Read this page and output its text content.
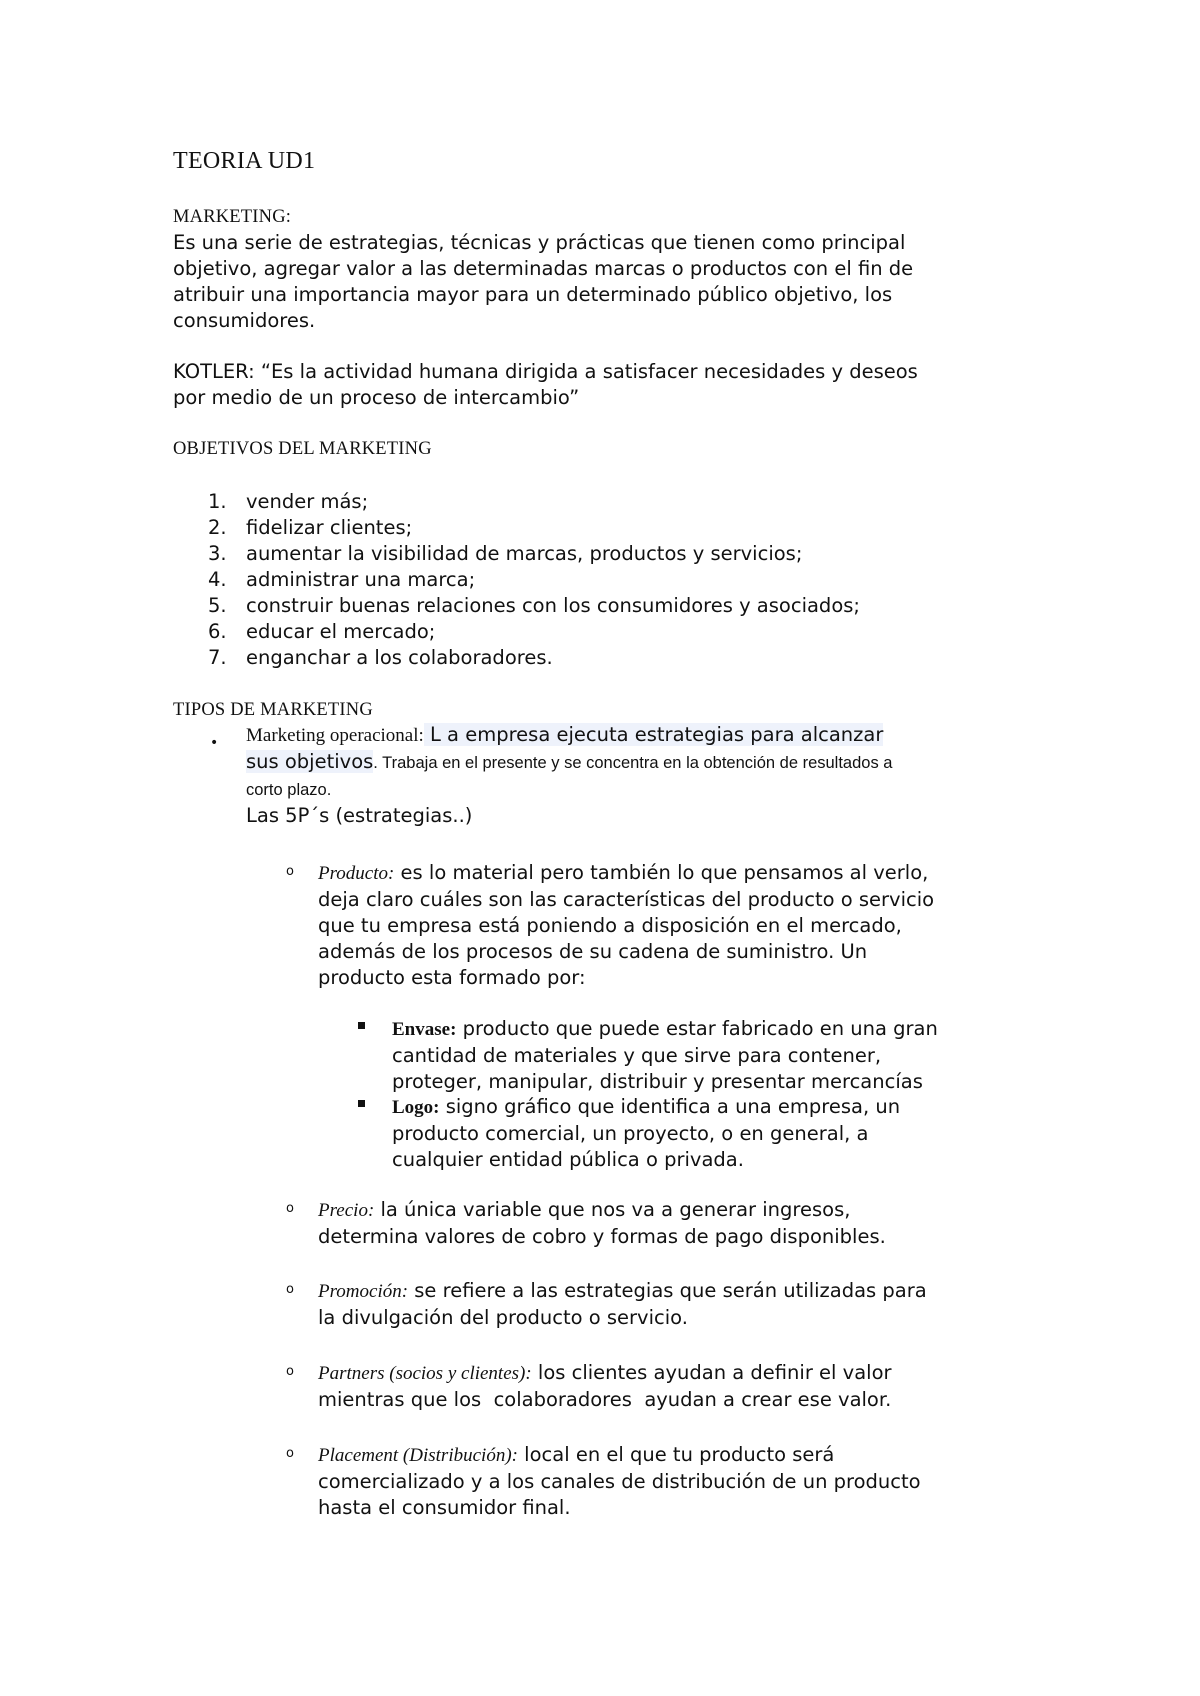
TEORIA UD1
MARKETING:
Es una serie de estrategias, técnicas y prácticas que tienen como principal
objetivo, agregar valor a las determinadas marcas o productos con el fin de
atribuir una importancia mayor para un determinado público objetivo, los
consumidores.
KOTLER: “Es la actividad humana dirigida a satisfacer necesidades y deseos
por medio de un proceso de intercambio”
OBJETIVOS DEL MARKETING
1. vender más;
2. fidelizar clientes;
3. aumentar la visibilidad de marcas, productos y servicios;
4. administrar una marca;
5. construir buenas relaciones con los consumidores y asociados;
6. educar el mercado;
7. enganchar a los colaboradores.
TIPOS DE MARKETING
• Marketing operacional: L a empresa ejecuta estrategias para alcanzar
sus objetivos. Trabaja en el presente y se concentra en la obtención de resultados a
corto plazo.
Las 5P´s (estrategias..)
o Producto: es lo material pero también lo que pensamos al verlo,
deja claro cuáles son las características del producto o servicio
que tu empresa está poniendo a disposición en el mercado,
además de los procesos de su cadena de suministro. Un
producto esta formado por:
Envase: producto que puede estar fabricado en una gran
cantidad de materiales y que sirve para contener,
proteger, manipular, distribuir y presentar mercancías
Logo: signo gráfico que identifica a una empresa, un
producto comercial, un proyecto, o en general, a
cualquier entidad pública o privada.
o Precio: la única variable que nos va a generar ingresos,
determina valores de cobro y formas de pago disponibles.
o Promoción: se refiere a las estrategias que serán utilizadas para
la divulgación del producto o servicio.
o Partners (socios y clientes): los clientes ayudan a definir el valor
mientras que los  colaboradores  ayudan a crear ese valor.
o Placement (Distribución): local en el que tu producto será
comercializado y a los canales de distribución de un producto
hasta el consumidor final.
